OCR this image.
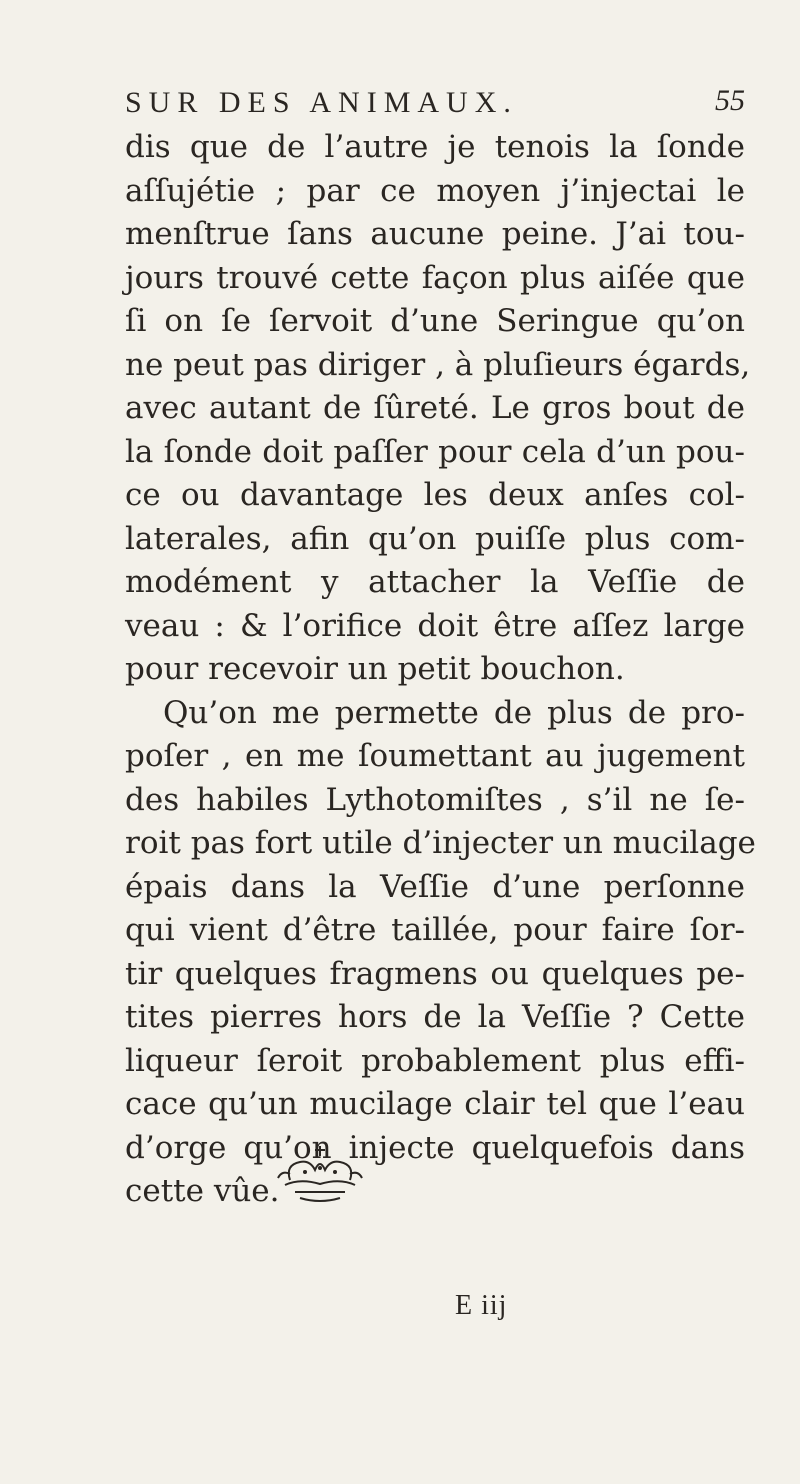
SUR DES ANIMAUX.	55
dis que de l’autre je tenois la ſonde
aſſujétie ; par ce moyen j’injectai le
menſtrue ſans aucune peine. J’ai tou-
jours trouvé cette façon plus aiſée que
ſi on ſe ſervoit d’une Seringue qu’on
ne peut pas diriger , à pluſieurs égards,
avec autant de ſûreté. Le gros bout de
la ſonde doit paſſer pour cela d’un pou-
ce ou davantage les deux anſes col-
laterales, afin qu’on puiſſe plus com-
modément y attacher la Veſſie de
veau : & l’orifice doit être aſſez large
pour recevoir un petit bouchon.
Qu’on me permette de plus de pro-
poſer , en me ſoumettant au jugement
des habiles Lythotomiſtes , s’il ne ſe-
roit pas fort utile d’injecter un mucilage
épais dans la Veſſie d’une perſonne
qui vient d’être taillée, pour faire ſor-
tir quelques fragmens ou quelques pe-
tites pierres hors de la Veſſie ? Cette
liqueur ſeroit probablement plus effi-
cace qu’un mucilage clair tel que l’eau
d’orge qu’on injecte quelquefois dans
cette vûe.
E iij
